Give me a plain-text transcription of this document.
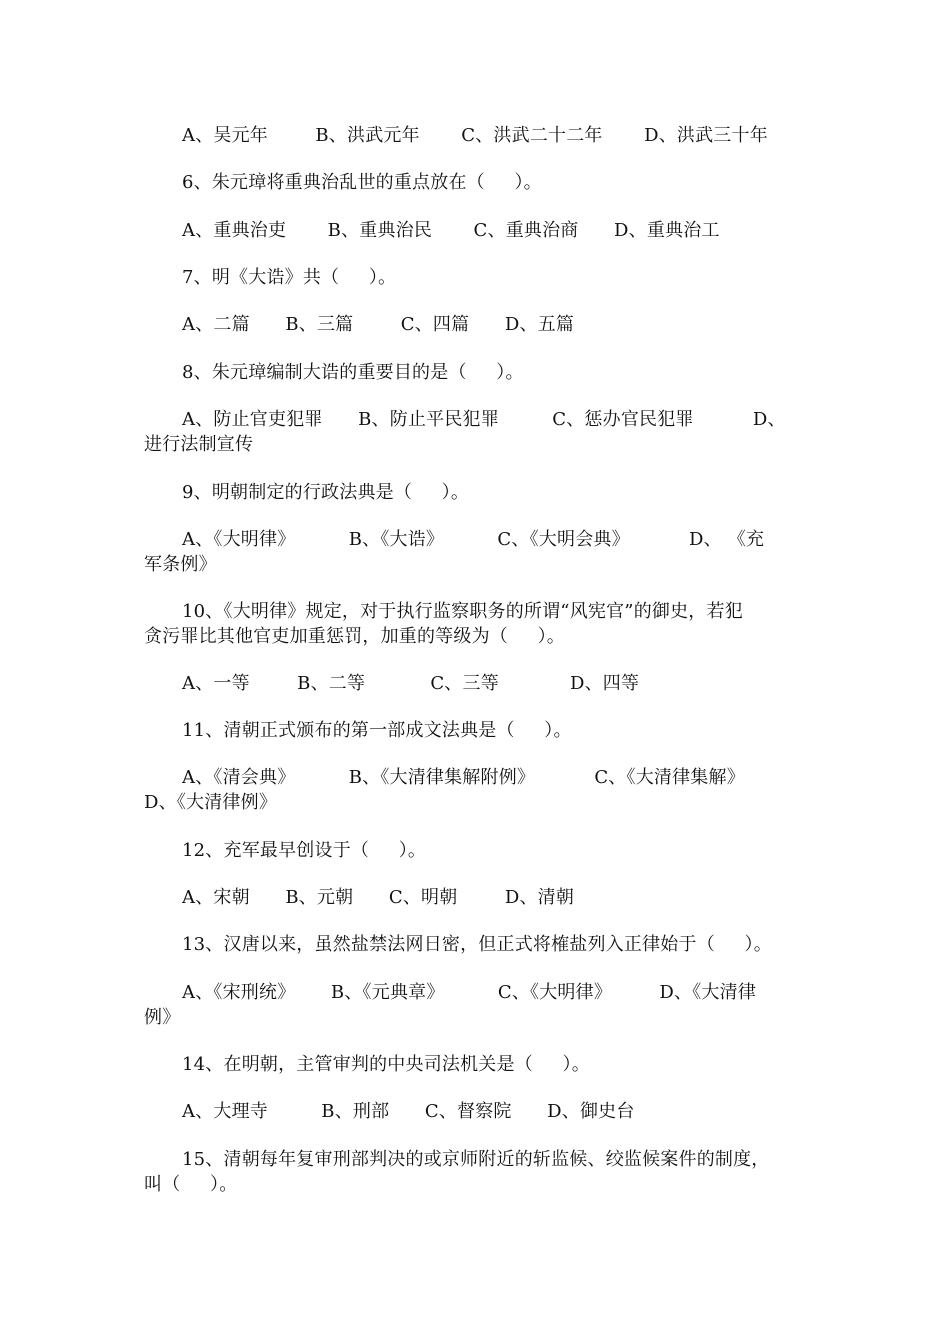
A、吴元年        B、洪武元年       C、洪武二十二年       D、洪武三十年
6、朱元璋将重典治乱世的重点放在（     ）。
A、重典治吏       B、重典治民       C、重典治商      D、重典治工
7、明《大诰》共（     ）。
A、二篇      B、三篇        C、四篇      D、五篇
8、朱元璋编制大诰的重要目的是（     ）。
A、防止官吏犯罪      B、防止平民犯罪         C、惩办官民犯罪          D、
进行法制宣传
9、明朝制定的行政法典是（     ）。
A、《大明律》         B、《大诰》         C、《大明会典》          D、 《充
军条例》
10、《大明律》规定，对于执行监察职务的所谓“风宪官”的御史，若犯
贪污罪比其他官吏加重惩罚，加重的等级为（     ）。
A、一等        B、二等           C、三等            D、四等
11、清朝正式颁布的第一部成文法典是（     ）。
A、《清会典》         B、《大清律集解附例》          C、《大清律集解》
D、《大清律例》
12、充军最早创设于（     ）。
A、宋朝      B、元朝      C、明朝        D、清朝
13、汉唐以来，虽然盐禁法网日密，但正式将榷盐列入正律始于（     ）。
A、《宋刑统》      B、《元典章》         C、《大明律》        D、《大清律
例》
14、在明朝，主管审判的中央司法机关是（     ）。
A、大理寺         B、刑部      C、督察院      D、御史台
15、清朝每年复审刑部判决的或京师附近的斩监候、绞监候案件的制度，
叫（     ）。
